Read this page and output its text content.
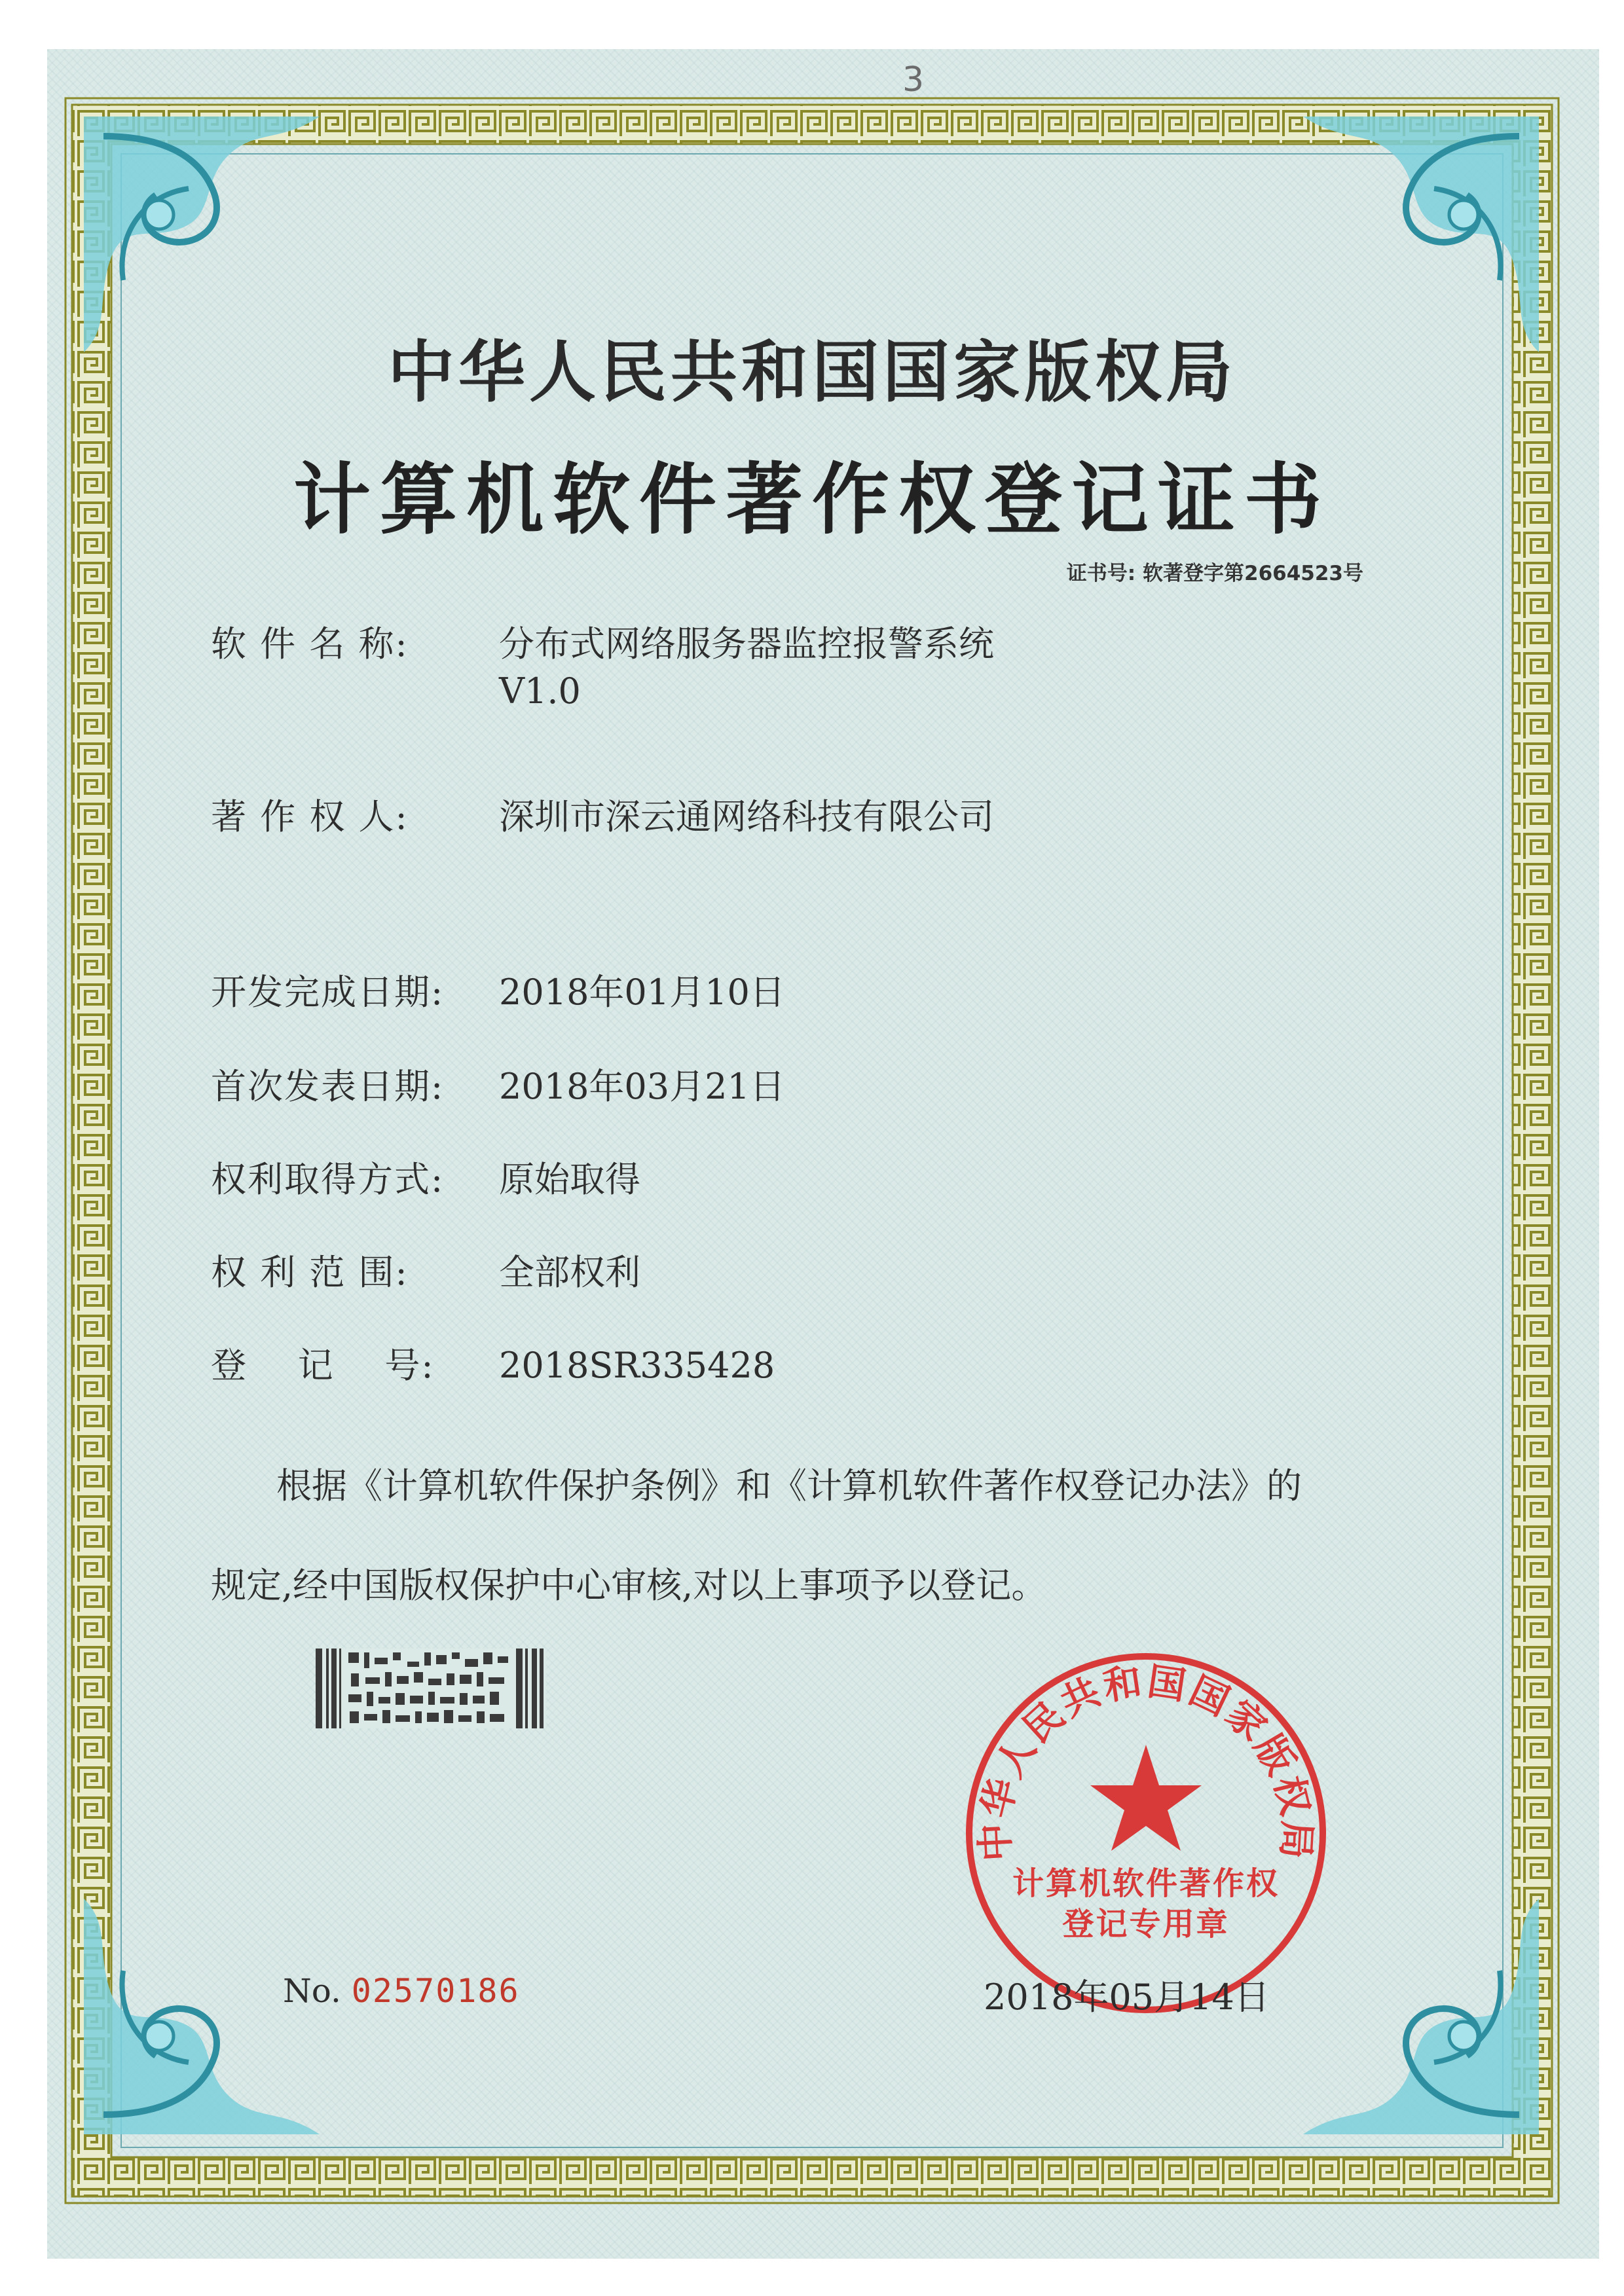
3
中华人民共和国国家版权局
计算机软件著作权登记证书
证书号: 软著登字第2664523号
软 件 名 称:	分布式网络服务器监控报警系统
V1.0
著 作 权 人:	深圳市深云通网络科技有限公司
开发完成日期: 2018年01月10日
首次发表日期: 2018年03月21日
权利取得方式: 原始取得
权 利 范 围:	全部权利
登    记    号: 2018SR335428
根据《计算机软件保护条例》和《计算机软件著作权登记办法》的
规定,经中国版权保护中心审核,对以上事项予以登记。
中华人民共和国国家版权局
计算机软件著作权
登记专用章
No. 02570186	2018年05月14日
